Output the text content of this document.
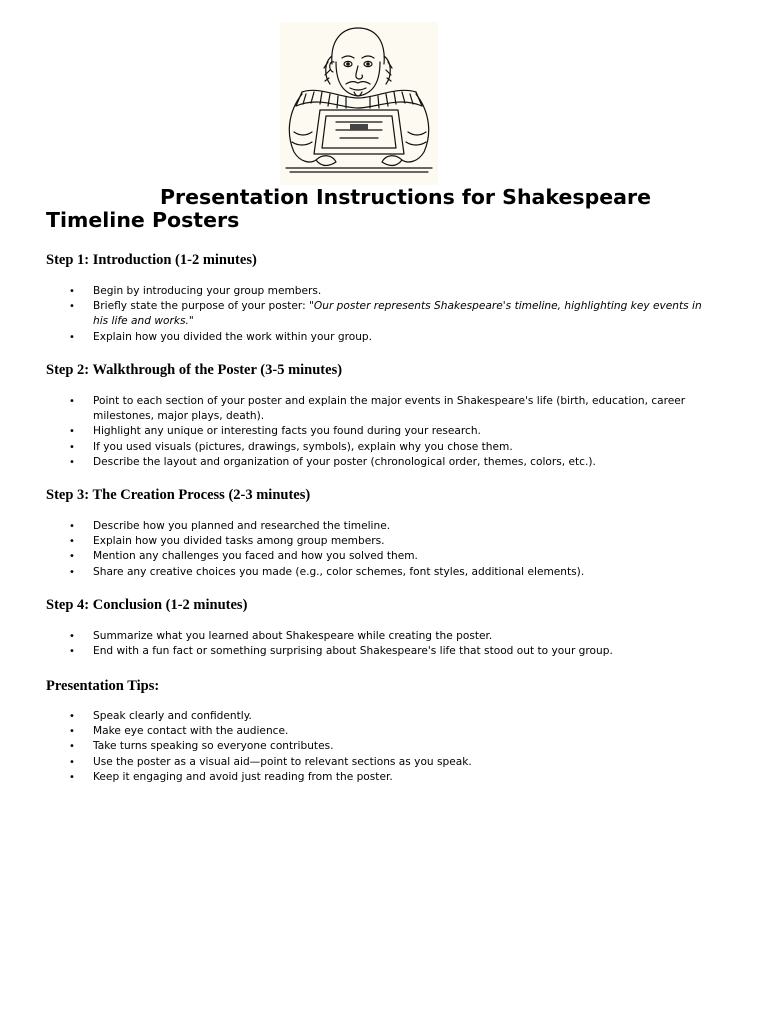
Presentation Instructions for Shakespeare Timeline Posters
Step 1: Introduction (1-2 minutes)
• Begin by introducing your group members.
• Briefly state the purpose of your poster: "Our poster represents Shakespeare's timeline, highlighting key events in his life and works."
• Explain how you divided the work within your group.
Step 2: Walkthrough of the Poster (3-5 minutes)
• Point to each section of your poster and explain the major events in Shakespeare's life (birth, education, career milestones, major plays, death).
• Highlight any unique or interesting facts you found during your research.
• If you used visuals (pictures, drawings, symbols), explain why you chose them.
• Describe the layout and organization of your poster (chronological order, themes, colors, etc.).
Step 3: The Creation Process (2-3 minutes)
• Describe how you planned and researched the timeline.
• Explain how you divided tasks among group members.
• Mention any challenges you faced and how you solved them.
• Share any creative choices you made (e.g., color schemes, font styles, additional elements).
Step 4: Conclusion (1-2 minutes)
• Summarize what you learned about Shakespeare while creating the poster.
• End with a fun fact or something surprising about Shakespeare's life that stood out to your group.
Presentation Tips:
• Speak clearly and confidently.
• Make eye contact with the audience.
• Take turns speaking so everyone contributes.
• Use the poster as a visual aid—point to relevant sections as you speak.
• Keep it engaging and avoid just reading from the poster.
